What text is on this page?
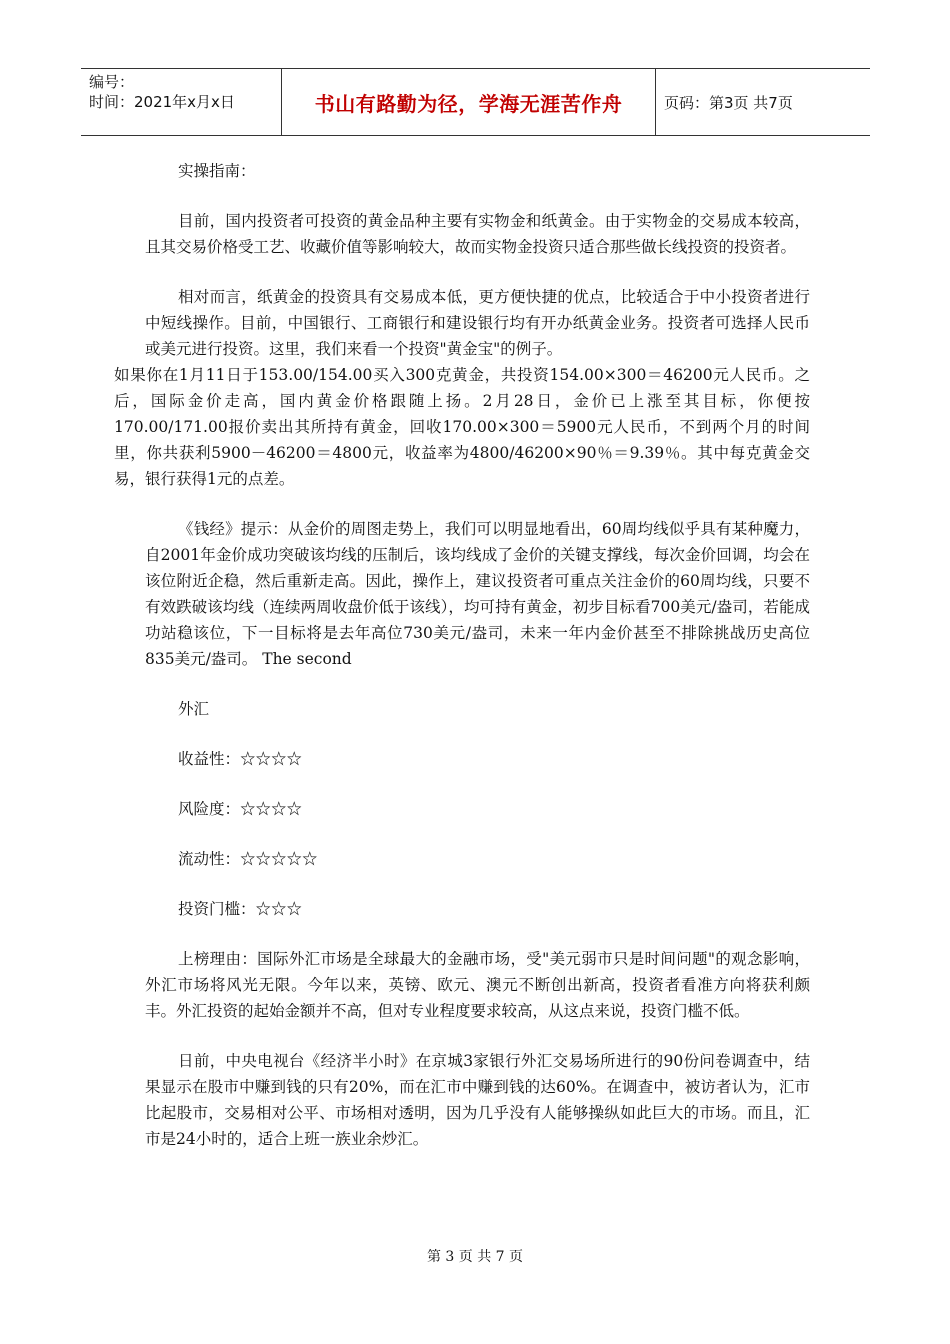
编号：
时间：2021年x月x日	书山有路勤为径，学海无涯苦作舟	页码：第3页 共7页

实操指南：

目前，国内投资者可投资的黄金品种主要有实物金和纸黄金。由于实物金的交易成本较高，且其交易价格受工艺、收藏价值等影响较大，故而实物金投资只适合那些做长线投资的投资者。

相对而言，纸黄金的投资具有交易成本低，更方便快捷的优点，比较适合于中小投资者进行中短线操作。目前，中国银行、工商银行和建设银行均有开办纸黄金业务。投资者可选择人民币或美元进行投资。这里，我们来看一个投资"黄金宝"的例子。

如果你在1月11日于153.00/154.00买入300克黄金，共投资154.00×300＝46200元人民币。之后，国际金价走高，国内黄金价格跟随上扬。2月28日，金价已上涨至其目标，你便按170.00/171.00报价卖出其所持有黄金，回收170.00×300＝5900元人民币，不到两个月的时间里，你共获利5900－46200＝4800元，收益率为4800/46200×90％＝9.39％。其中每克黄金交易，银行获得1元的点差。

《钱经》提示：从金价的周图走势上，我们可以明显地看出，60周均线似乎具有某种魔力，自2001年金价成功突破该均线的压制后，该均线成了金价的关键支撑线，每次金价回调，均会在该位附近企稳，然后重新走高。因此，操作上，建议投资者可重点关注金价的60周均线，只要不有效跌破该均线（连续两周收盘价低于该线），均可持有黄金，初步目标看700美元/盎司，若能成功站稳该位，下一目标将是去年高位730美元/盎司，未来一年内金价甚至不排除挑战历史高位835美元/盎司。 The second

外汇

收益性：☆☆☆☆

风险度：☆☆☆☆

流动性：☆☆☆☆☆

投资门槛：☆☆☆

上榜理由：国际外汇市场是全球最大的金融市场，受"美元弱市只是时间问题"的观念影响，外汇市场将风光无限。今年以来，英镑、欧元、澳元不断创出新高，投资者看准方向将获利颇丰。外汇投资的起始金额并不高，但对专业程度要求较高，从这点来说，投资门槛不低。

日前，中央电视台《经济半小时》在京城3家银行外汇交易场所进行的90份问卷调查中，结果显示在股市中赚到钱的只有20%，而在汇市中赚到钱的达60%。在调查中，被访者认为，汇市比起股市，交易相对公平、市场相对透明，因为几乎没有人能够操纵如此巨大的市场。而且，汇市是24小时的，适合上班一族业余炒汇。

第 3 页 共 7 页
